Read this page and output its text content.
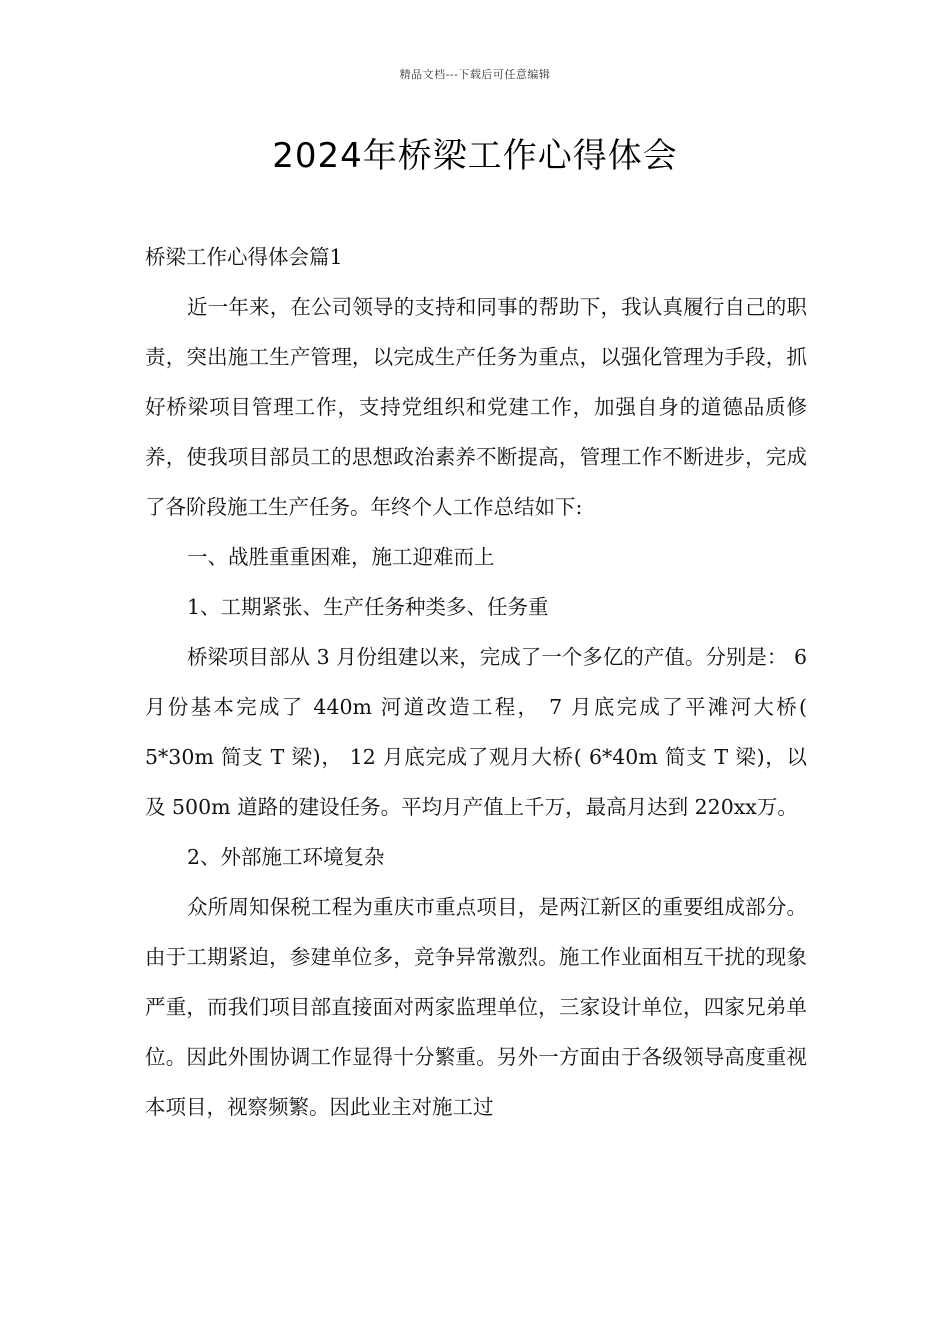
精品文档---下载后可任意编辑
2024年桥梁工作心得体会

桥梁工作心得体会篇1

近一年来，在公司领导的支持和同事的帮助下，我认真履行自己的职责，突出施工生产管理，以完成生产任务为重点，以强化管理为手段，抓好桥梁项目管理工作，支持党组织和党建工作，加强自身的道德品质修养，使我项目部员工的思想政治素养不断提高，管理工作不断进步，完成了各阶段施工生产任务。年终个人工作总结如下:

一、战胜重重困难，施工迎难而上

1、工期紧张、生产任务种类多、任务重

桥梁项目部从 3 月份组建以来，完成了一个多亿的产值。分别是： 6 月份基本完成了 440m 河道改造工程， 7 月底完成了平滩河大桥( 5*30m 简支 T 梁)， 12 月底完成了观月大桥( 6*40m 简支 T 梁)，以及 500m 道路的建设任务。平均月产值上千万，最高月达到 220xx万。

2、外部施工环境复杂

众所周知保税工程为重庆市重点项目，是两江新区的重要组成部分。由于工期紧迫，参建单位多，竞争异常激烈。施工作业面相互干扰的现象严重，而我们项目部直接面对两家监理单位，三家设计单位，四家兄弟单位。因此外围协调工作显得十分繁重。另外一方面由于各级领导高度重视本项目，视察频繁。因此业主对施工过
